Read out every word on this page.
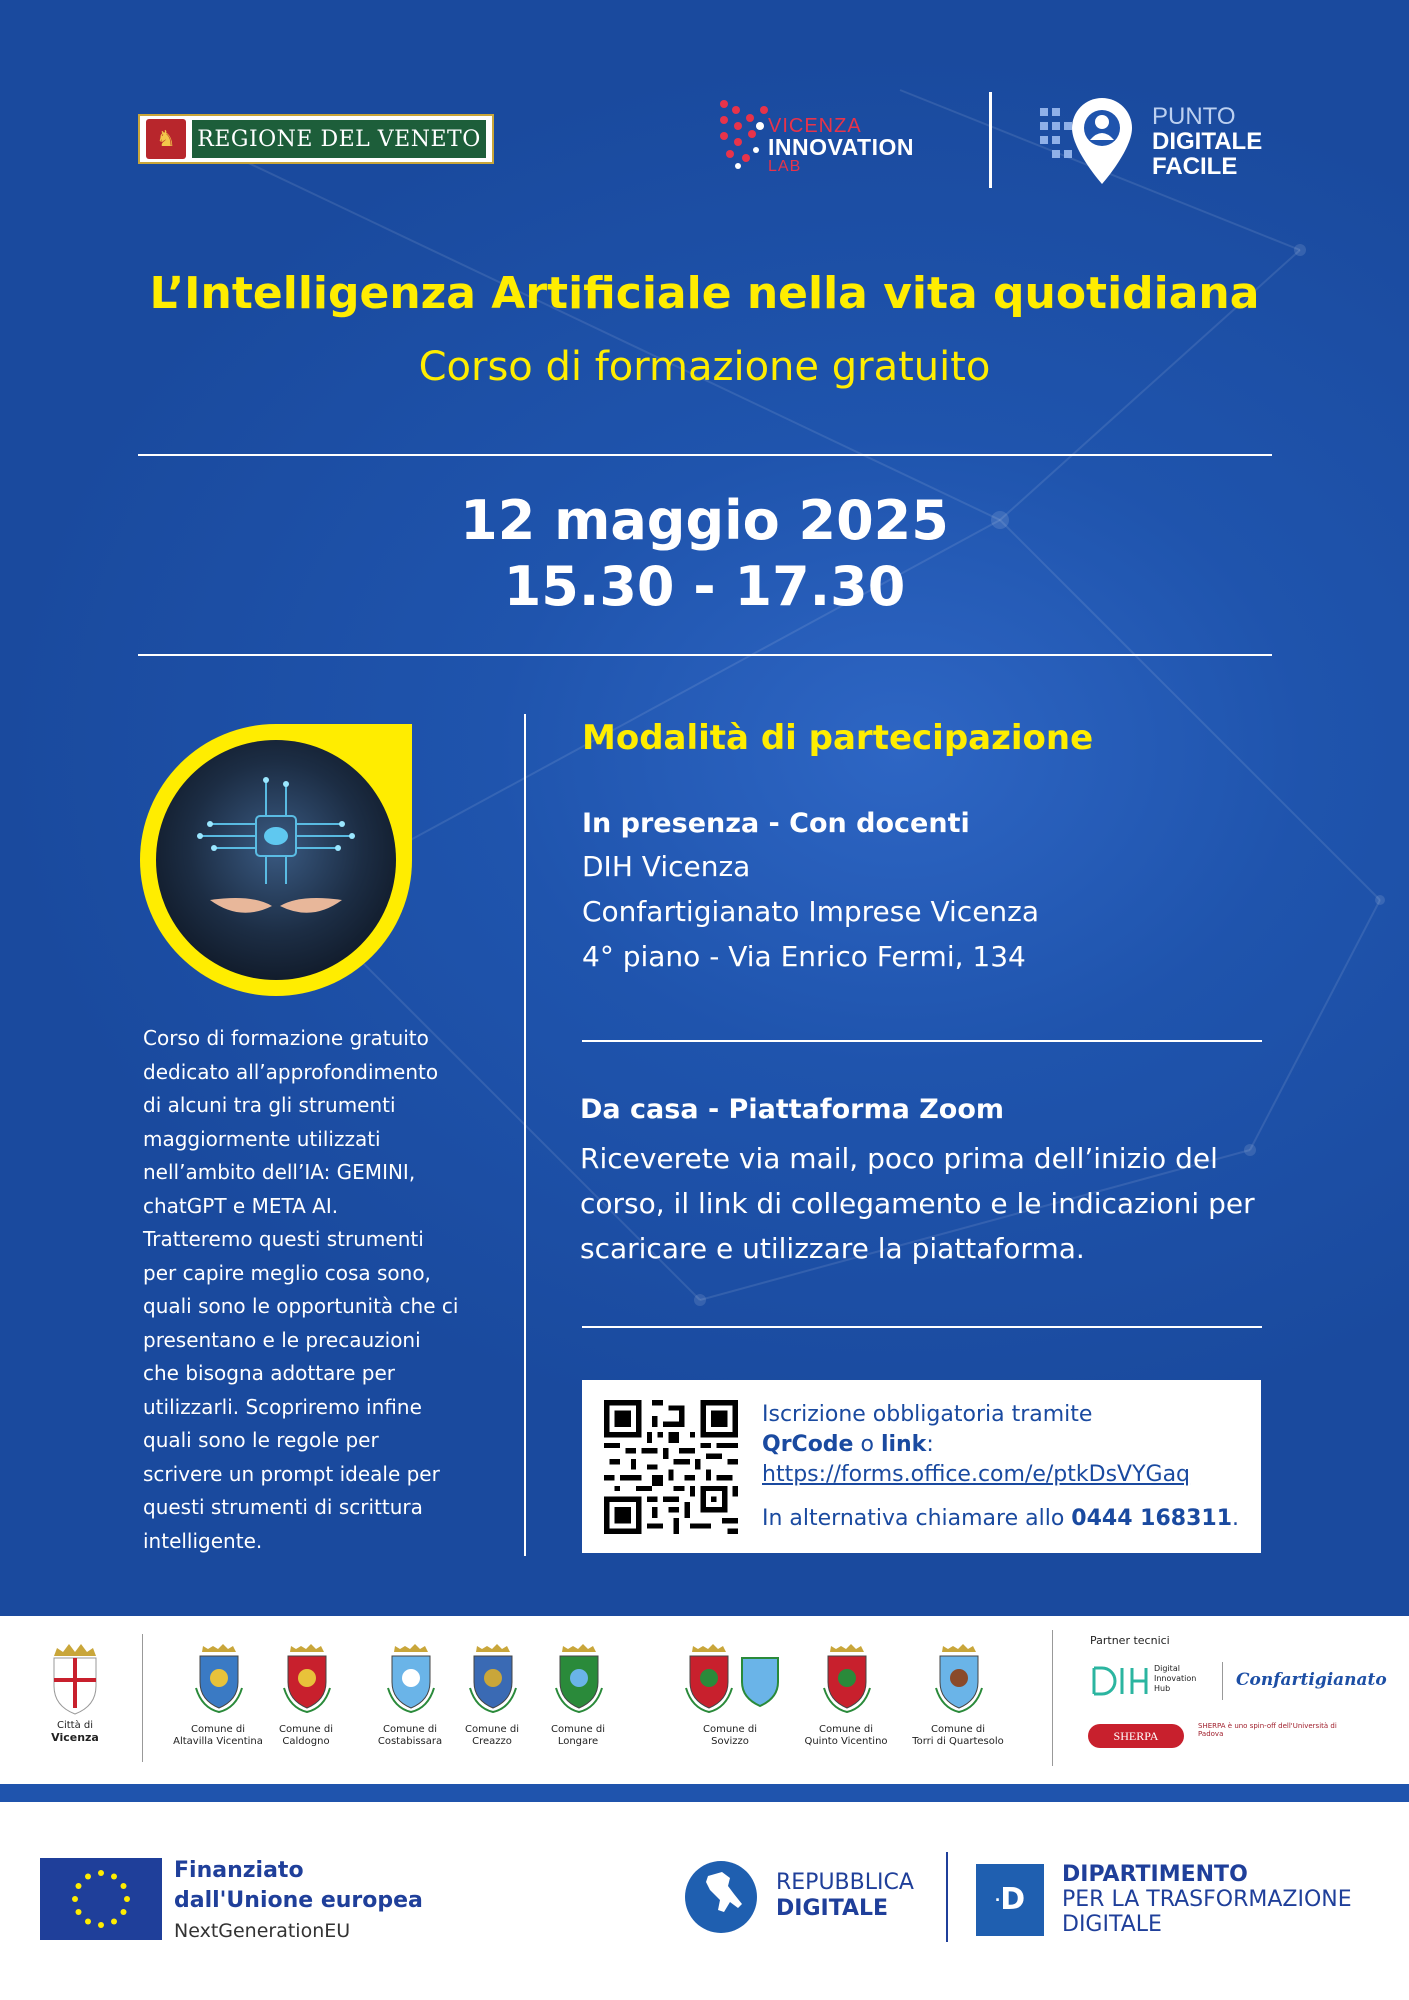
♞ REGIONE DEL VENETO
VICENZA
INNOVATION
LAB
PUNTO
DIGITALE
FACILE
L’Intelligenza Artificiale nella vita quotidiana
Corso di formazione gratuito
12 maggio 2025
15.30 - 17.30
Corso di formazione gratuito
dedicato all’approfondimento
di alcuni tra gli strumenti
maggiormente utilizzati
nell’ambito dell’IA: GEMINI,
chatGPT e META AI.
Tratteremo questi strumenti
per capire meglio cosa sono,
quali sono le opportunità che ci
presentano e le precauzioni
che bisogna adottare per
utilizzarli. Scopriremo infine
quali sono le regole per
scrivere un prompt ideale per
questi strumenti di scrittura
intelligente.
Modalità di partecipazione
In presenza - Con docenti
DIH Vicenza
Confartigianato Imprese Vicenza
4° piano - Via Enrico Fermi, 134
Da casa - Piattaforma Zoom
Riceverete via mail, poco prima dell’inizio del
corso, il link di collegamento e le indicazioni per
scaricare e utilizzare la piattaforma.
Iscrizione obbligatoria tramite
QrCode o link:
https://forms.office.com/e/ptkDsVYGaq
In alternativa chiamare allo 0444 168311.
Città di
Vicenza
Comune di
Altavilla Vicentina
Comune di
Caldogno
Comune di
Costabissara
Comune di
Creazzo
Comune di
Longare
Comune di
Sovizzo
Comune di
Quinto Vicentino
Comune di
Torri di Quartesolo
Partner tecnici
Digital Innovation Hub	Confartigianato
SHERPA
SHERPA è uno spin-off dell'Università di Padova
Finanziato
dall'Unione europea
NextGenerationEU
REPUBBLICA
DIGITALE	·D
DIPARTIMENTO
PER LA TRASFORMAZIONE
DIGITALE
